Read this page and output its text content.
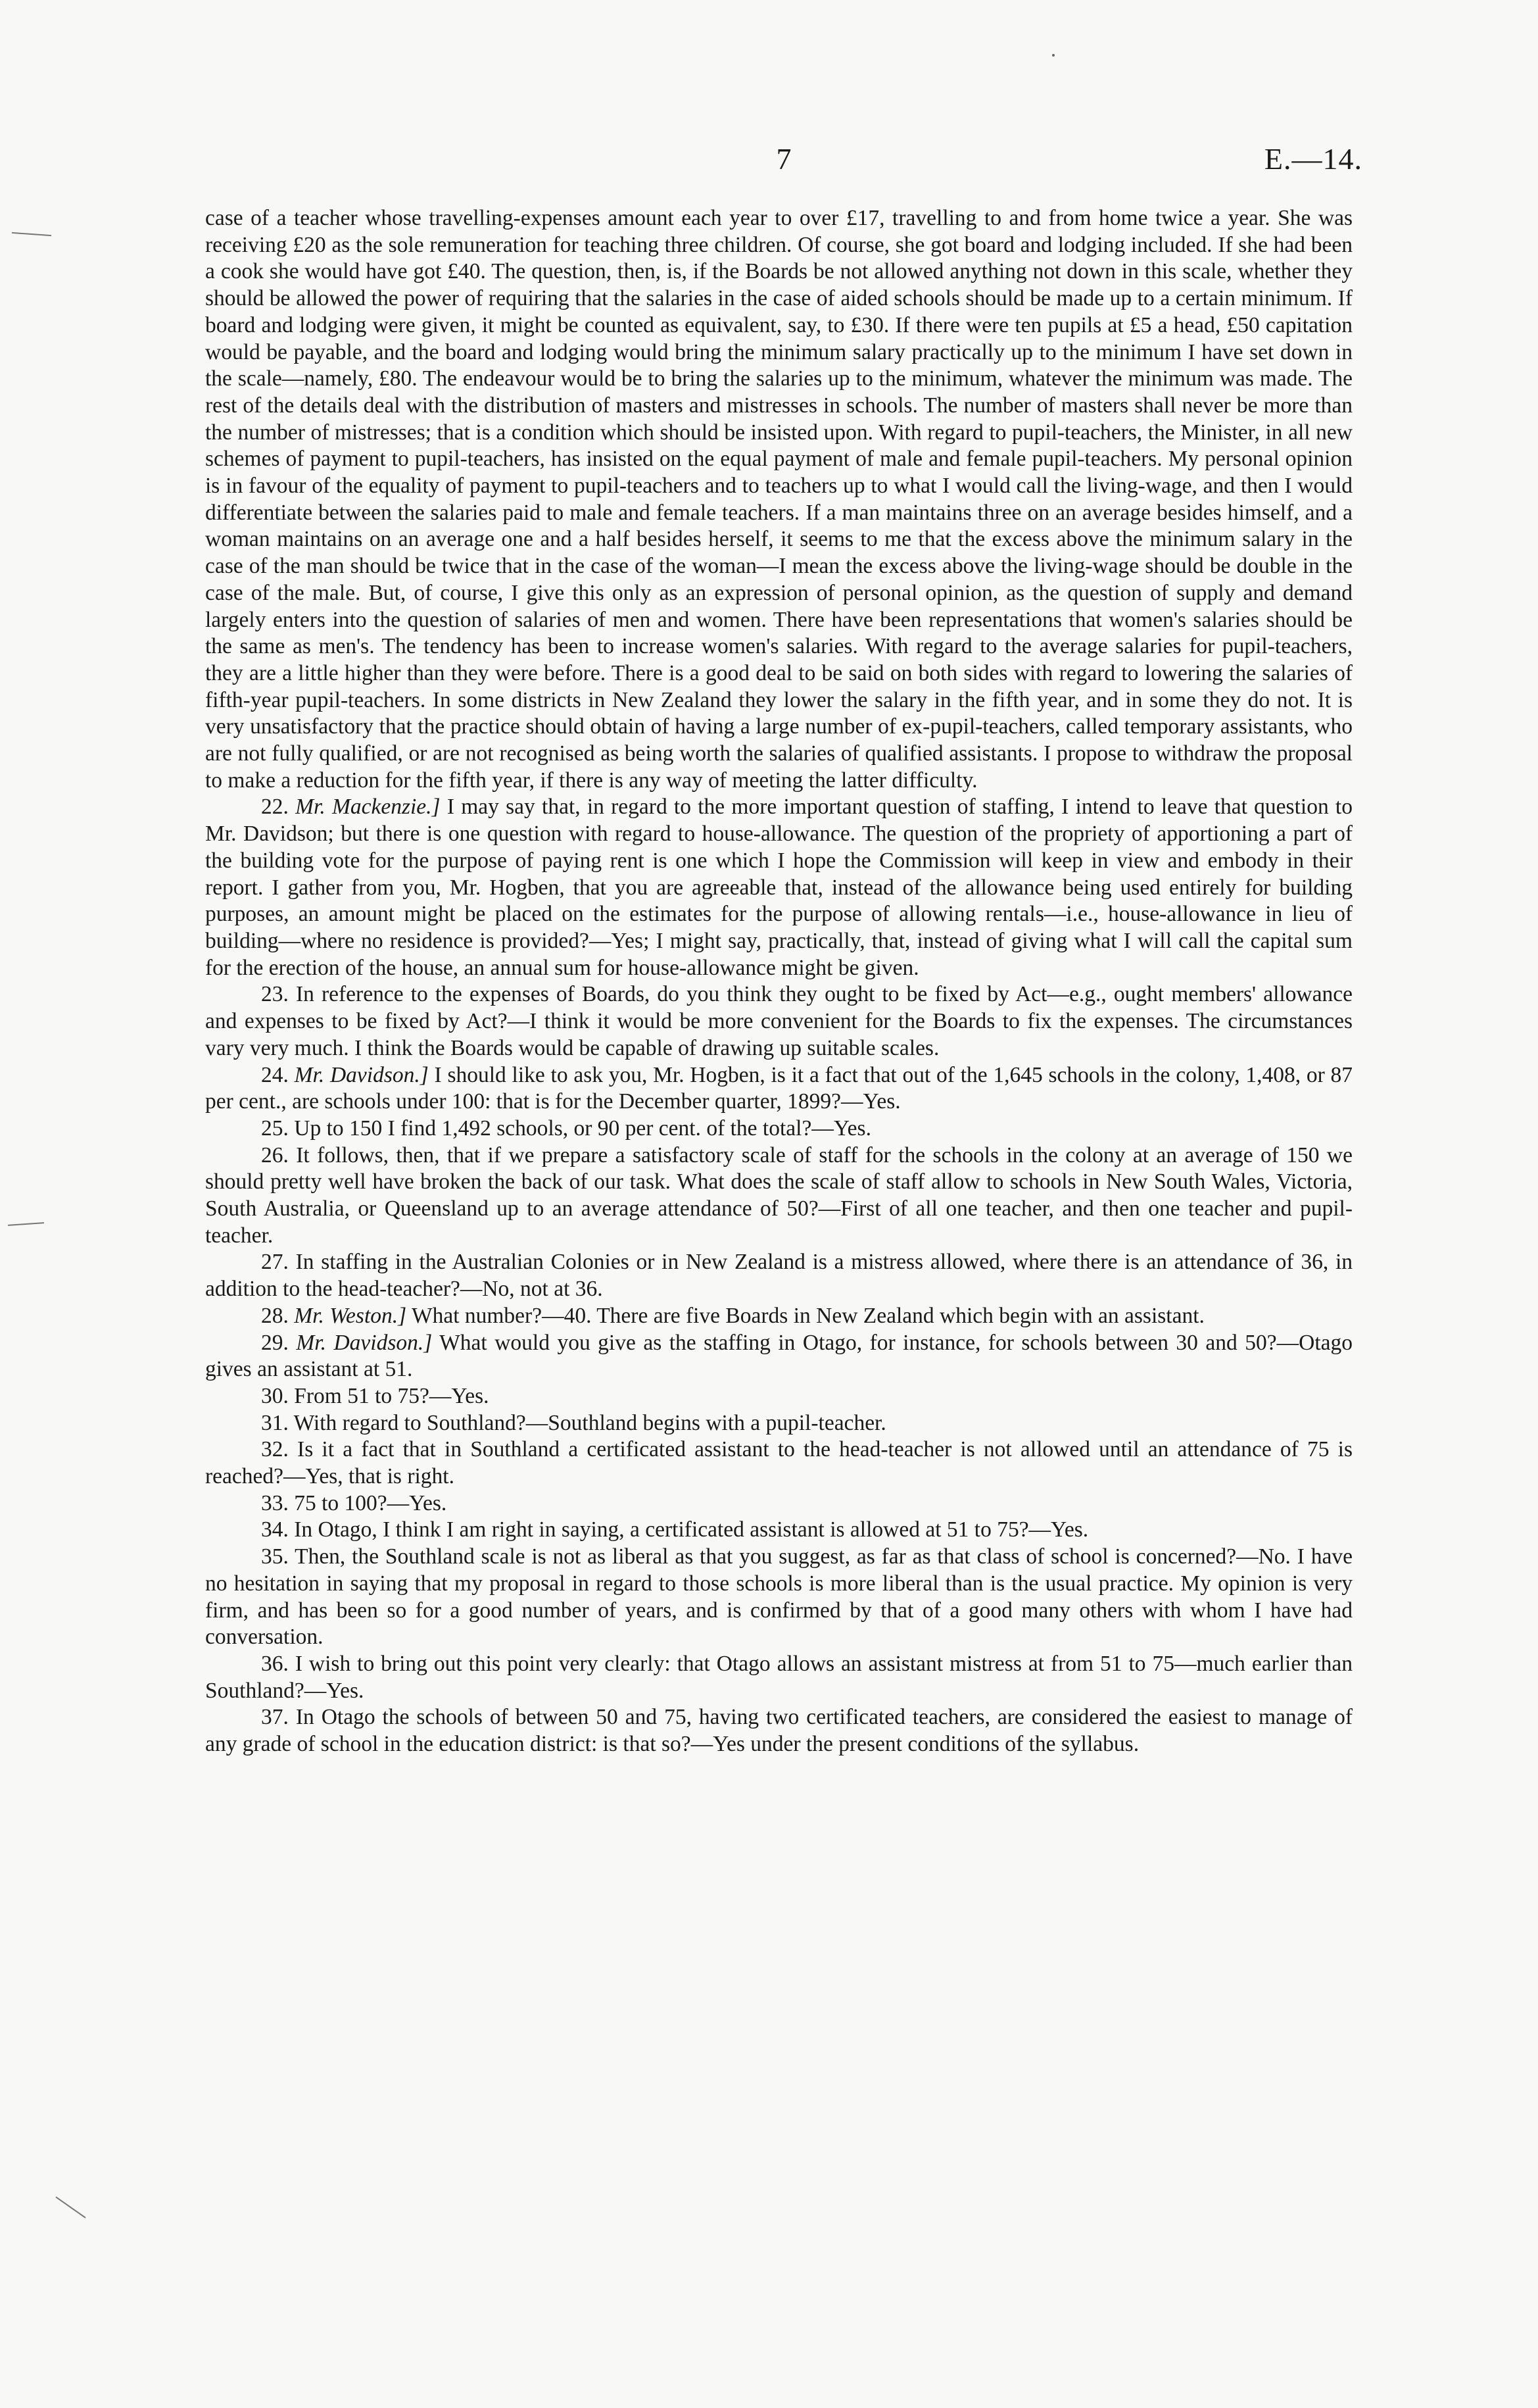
7	E.—14.

case of a teacher whose travelling-expenses amount each year to over £17, travelling to and from home twice a year. She was receiving £20 as the sole remuneration for teaching three children. Of course, she got board and lodging included. If she had been a cook she would have got £40. The question, then, is, if the Boards be not allowed anything not down in this scale, whether they should be allowed the power of requiring that the salaries in the case of aided schools should be made up to a certain minimum. If board and lodging were given, it might be counted as equivalent, say, to £30. If there were ten pupils at £5 a head, £50 capitation would be payable, and the board and lodging would bring the minimum salary practically up to the minimum I have set down in the scale—namely, £80. The endeavour would be to bring the salaries up to the minimum, whatever the minimum was made. The rest of the details deal with the distribution of masters and mistresses in schools. The number of masters shall never be more than the number of mistresses; that is a condition which should be insisted upon. With regard to pupil-teachers, the Minister, in all new schemes of payment to pupil-teachers, has insisted on the equal payment of male and female pupil-teachers. My personal opinion is in favour of the equality of payment to pupil-teachers and to teachers up to what I would call the living-wage, and then I would differentiate between the salaries paid to male and female teachers. If a man maintains three on an average besides himself, and a woman maintains on an average one and a half besides herself, it seems to me that the excess above the minimum salary in the case of the man should be twice that in the case of the woman—I mean the excess above the living-wage should be double in the case of the male. But, of course, I give this only as an expression of personal opinion, as the question of supply and demand largely enters into the question of salaries of men and women. There have been representations that women's salaries should be the same as men's. The tendency has been to increase women's salaries. With regard to the average salaries for pupil-teachers, they are a little higher than they were before. There is a good deal to be said on both sides with regard to lowering the salaries of fifth-year pupil-teachers. In some districts in New Zealand they lower the salary in the fifth year, and in some they do not. It is very unsatisfactory that the practice should obtain of having a large number of ex-pupil-teachers, called temporary assistants, who are not fully qualified, or are not recognised as being worth the salaries of qualified assistants. I propose to withdraw the proposal to make a reduction for the fifth year, if there is any way of meeting the latter difficulty.

22. Mr. Mackenzie.] I may say that, in regard to the more important question of staffing, I intend to leave that question to Mr. Davidson; but there is one question with regard to house-allowance. The question of the propriety of apportioning a part of the building vote for the purpose of paying rent is one which I hope the Commission will keep in view and embody in their report. I gather from you, Mr. Hogben, that you are agreeable that, instead of the allowance being used entirely for building purposes, an amount might be placed on the estimates for the purpose of allowing rentals—i.e., house-allowance in lieu of building—where no residence is provided?—Yes; I might say, practically, that, instead of giving what I will call the capital sum for the erection of the house, an annual sum for house-allowance might be given.

23. In reference to the expenses of Boards, do you think they ought to be fixed by Act—e.g., ought members' allowance and expenses to be fixed by Act?—I think it would be more convenient for the Boards to fix the expenses. The circumstances vary very much. I think the Boards would be capable of drawing up suitable scales.

24. Mr. Davidson.] I should like to ask you, Mr. Hogben, is it a fact that out of the 1,645 schools in the colony, 1,408, or 87 per cent., are schools under 100: that is for the December quarter, 1899?—Yes.

25. Up to 150 I find 1,492 schools, or 90 per cent. of the total?—Yes.

26. It follows, then, that if we prepare a satisfactory scale of staff for the schools in the colony at an average of 150 we should pretty well have broken the back of our task. What does the scale of staff allow to schools in New South Wales, Victoria, South Australia, or Queensland up to an average attendance of 50?—First of all one teacher, and then one teacher and pupil-teacher.

27. In staffing in the Australian Colonies or in New Zealand is a mistress allowed, where there is an attendance of 36, in addition to the head-teacher?—No, not at 36.

28. Mr. Weston.] What number?—40. There are five Boards in New Zealand which begin with an assistant.

29. Mr. Davidson.] What would you give as the staffing in Otago, for instance, for schools between 30 and 50?—Otago gives an assistant at 51.

30. From 51 to 75?—Yes.

31. With regard to Southland?—Southland begins with a pupil-teacher.

32. Is it a fact that in Southland a certificated assistant to the head-teacher is not allowed until an attendance of 75 is reached?—Yes, that is right.

33. 75 to 100?—Yes.

34. In Otago, I think I am right in saying, a certificated assistant is allowed at 51 to 75?—Yes.

35. Then, the Southland scale is not as liberal as that you suggest, as far as that class of school is concerned?—No. I have no hesitation in saying that my proposal in regard to those schools is more liberal than is the usual practice. My opinion is very firm, and has been so for a good number of years, and is confirmed by that of a good many others with whom I have had conversation.

36. I wish to bring out this point very clearly: that Otago allows an assistant mistress at from 51 to 75—much earlier than Southland?—Yes.

37. In Otago the schools of between 50 and 75, having two certificated teachers, are considered the easiest to manage of any grade of school in the education district: is that so?—Yes under the present conditions of the syllabus.
